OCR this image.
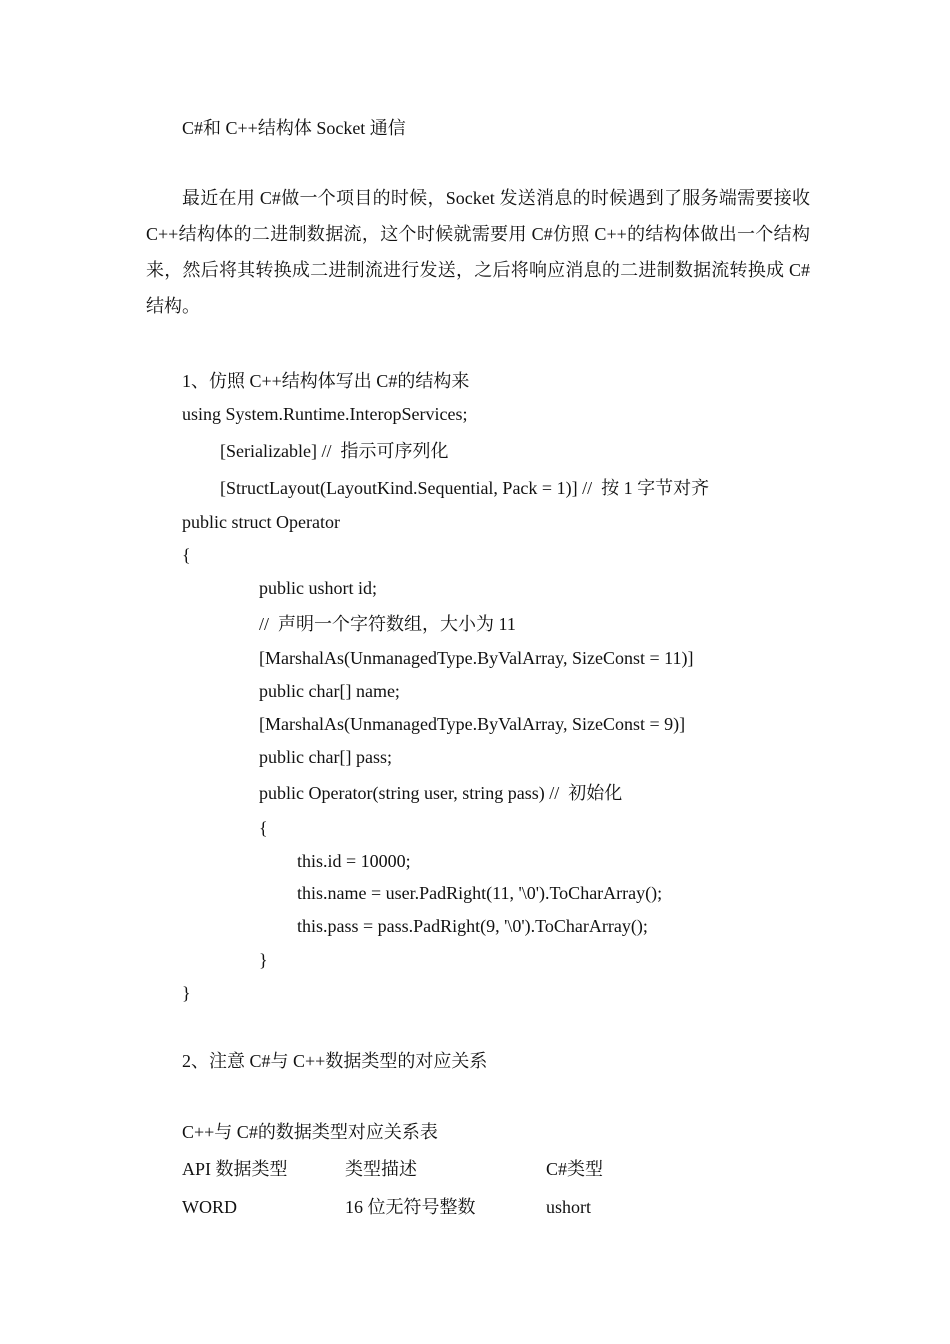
C#和 C++结构体 Socket 通信
最近在用 C#做一个项目的时候，Socket 发送消息的时候遇到了服务端需要接收 C++结构体的二进制数据流，这个时候就需要用 C#仿照 C++的结构体做出一个结构来，然后将其转换成二进制流进行发送，之后将响应消息的二进制数据流转换成 C#结构。
1、仿照 C++结构体写出 C#的结构来
using System.Runtime.InteropServices;
[Serializable] //  指示可序列化
[StructLayout(LayoutKind.Sequential, Pack = 1)] //  按 1 字节对齐
public struct Operator
{
public ushort id;
//  声明一个字符数组，大小为 11
[MarshalAs(UnmanagedType.ByValArray, SizeConst = 11)]
public char[] name;
[MarshalAs(UnmanagedType.ByValArray, SizeConst = 9)]
public char[] pass;
public Operator(string user, string pass) //  初始化
{
this.id = 10000;
this.name = user.PadRight(11, '\0').ToCharArray();
this.pass = pass.PadRight(9, '\0').ToCharArray();
}
}
2、注意 C#与 C++数据类型的对应关系
C++与 C#的数据类型对应关系表
API 数据类型	类型描述	C#类型
WORD	16 位无符号整数	ushort
